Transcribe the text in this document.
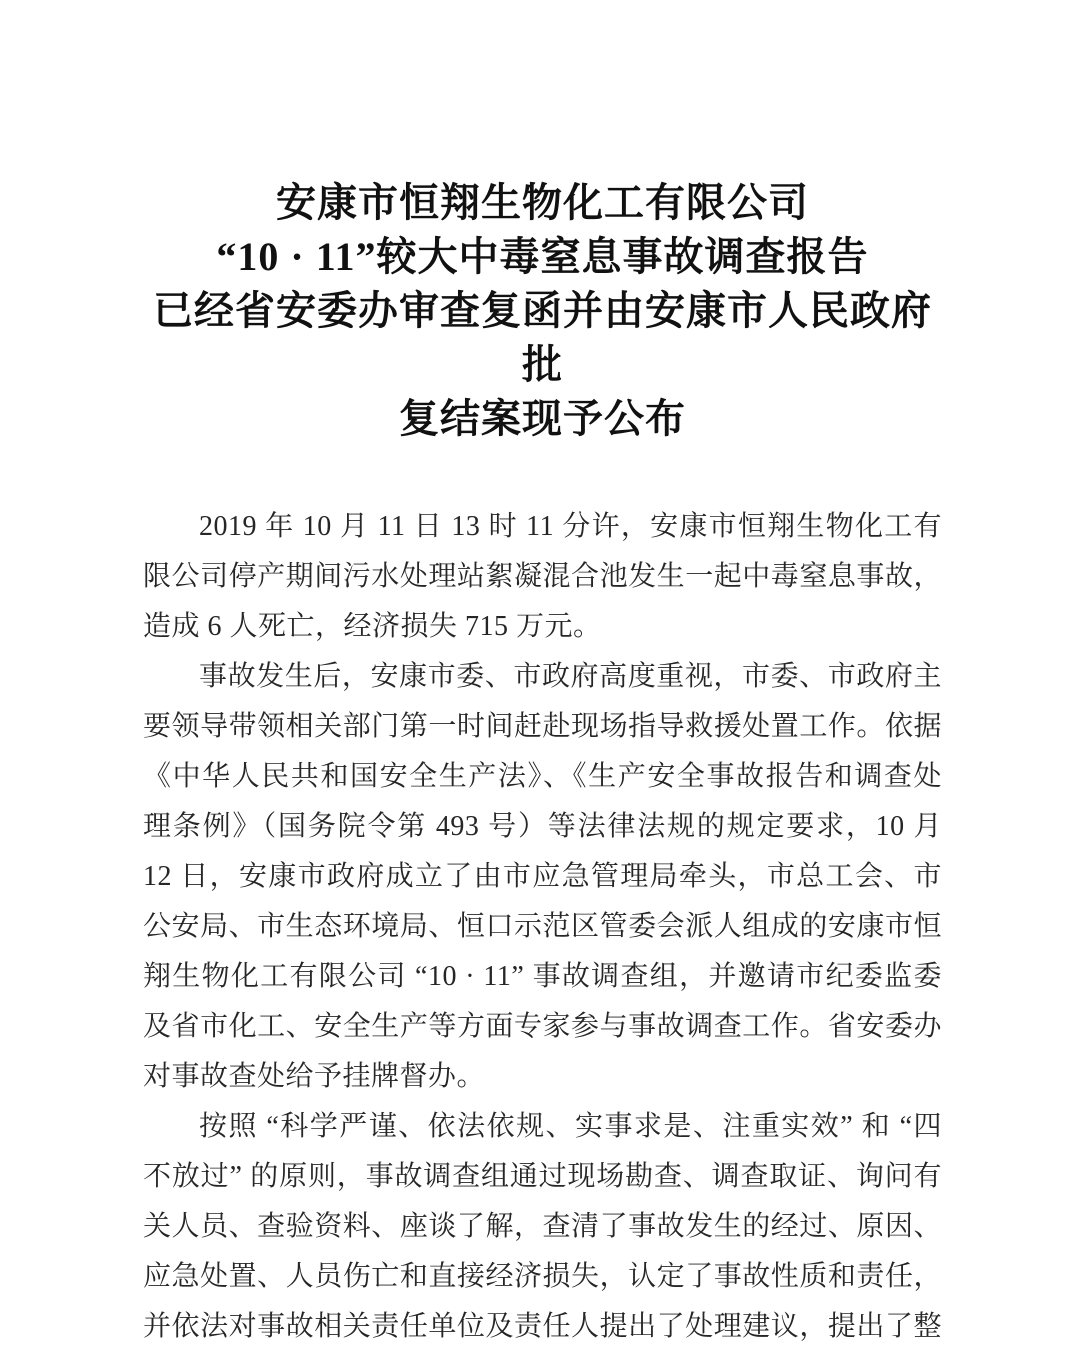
安康市恒翔生物化工有限公司
“10 · 11”较大中毒窒息事故调查报告
已经省安委办审查复函并由安康市人民政府批
复结案现予公布
2019 年 10 月 11 日 13 时 11 分许，安康市恒翔生物化工有
限公司停产期间污水处理站絮凝混合池发生一起中毒窒息事故，
造成 6 人死亡，经济损失 715 万元。
事故发生后，安康市委、市政府高度重视，市委、市政府主
要领导带领相关部门第一时间赶赴现场指导救援处置工作。依据
《中华人民共和国安全生产法》、《生产安全事故报告和调查处
理条例》（国务院令第 493 号）等法律法规的规定要求，10 月
12 日，安康市政府成立了由市应急管理局牵头，市总工会、市
公安局、市生态环境局、恒口示范区管委会派人组成的安康市恒
翔生物化工有限公司 “10 · 11” 事故调查组，并邀请市纪委监委
及省市化工、安全生产等方面专家参与事故调查工作。省安委办
对事故查处给予挂牌督办。
按照 “科学严谨、依法依规、实事求是、注重实效” 和 “四
不放过” 的原则，事故调查组通过现场勘查、调查取证、询问有
关人员、查验资料、座谈了解，查清了事故发生的经过、原因、
应急处置、人员伤亡和直接经济损失，认定了事故性质和责任，
并依法对事故相关责任单位及责任人提出了处理建议，提出了整
